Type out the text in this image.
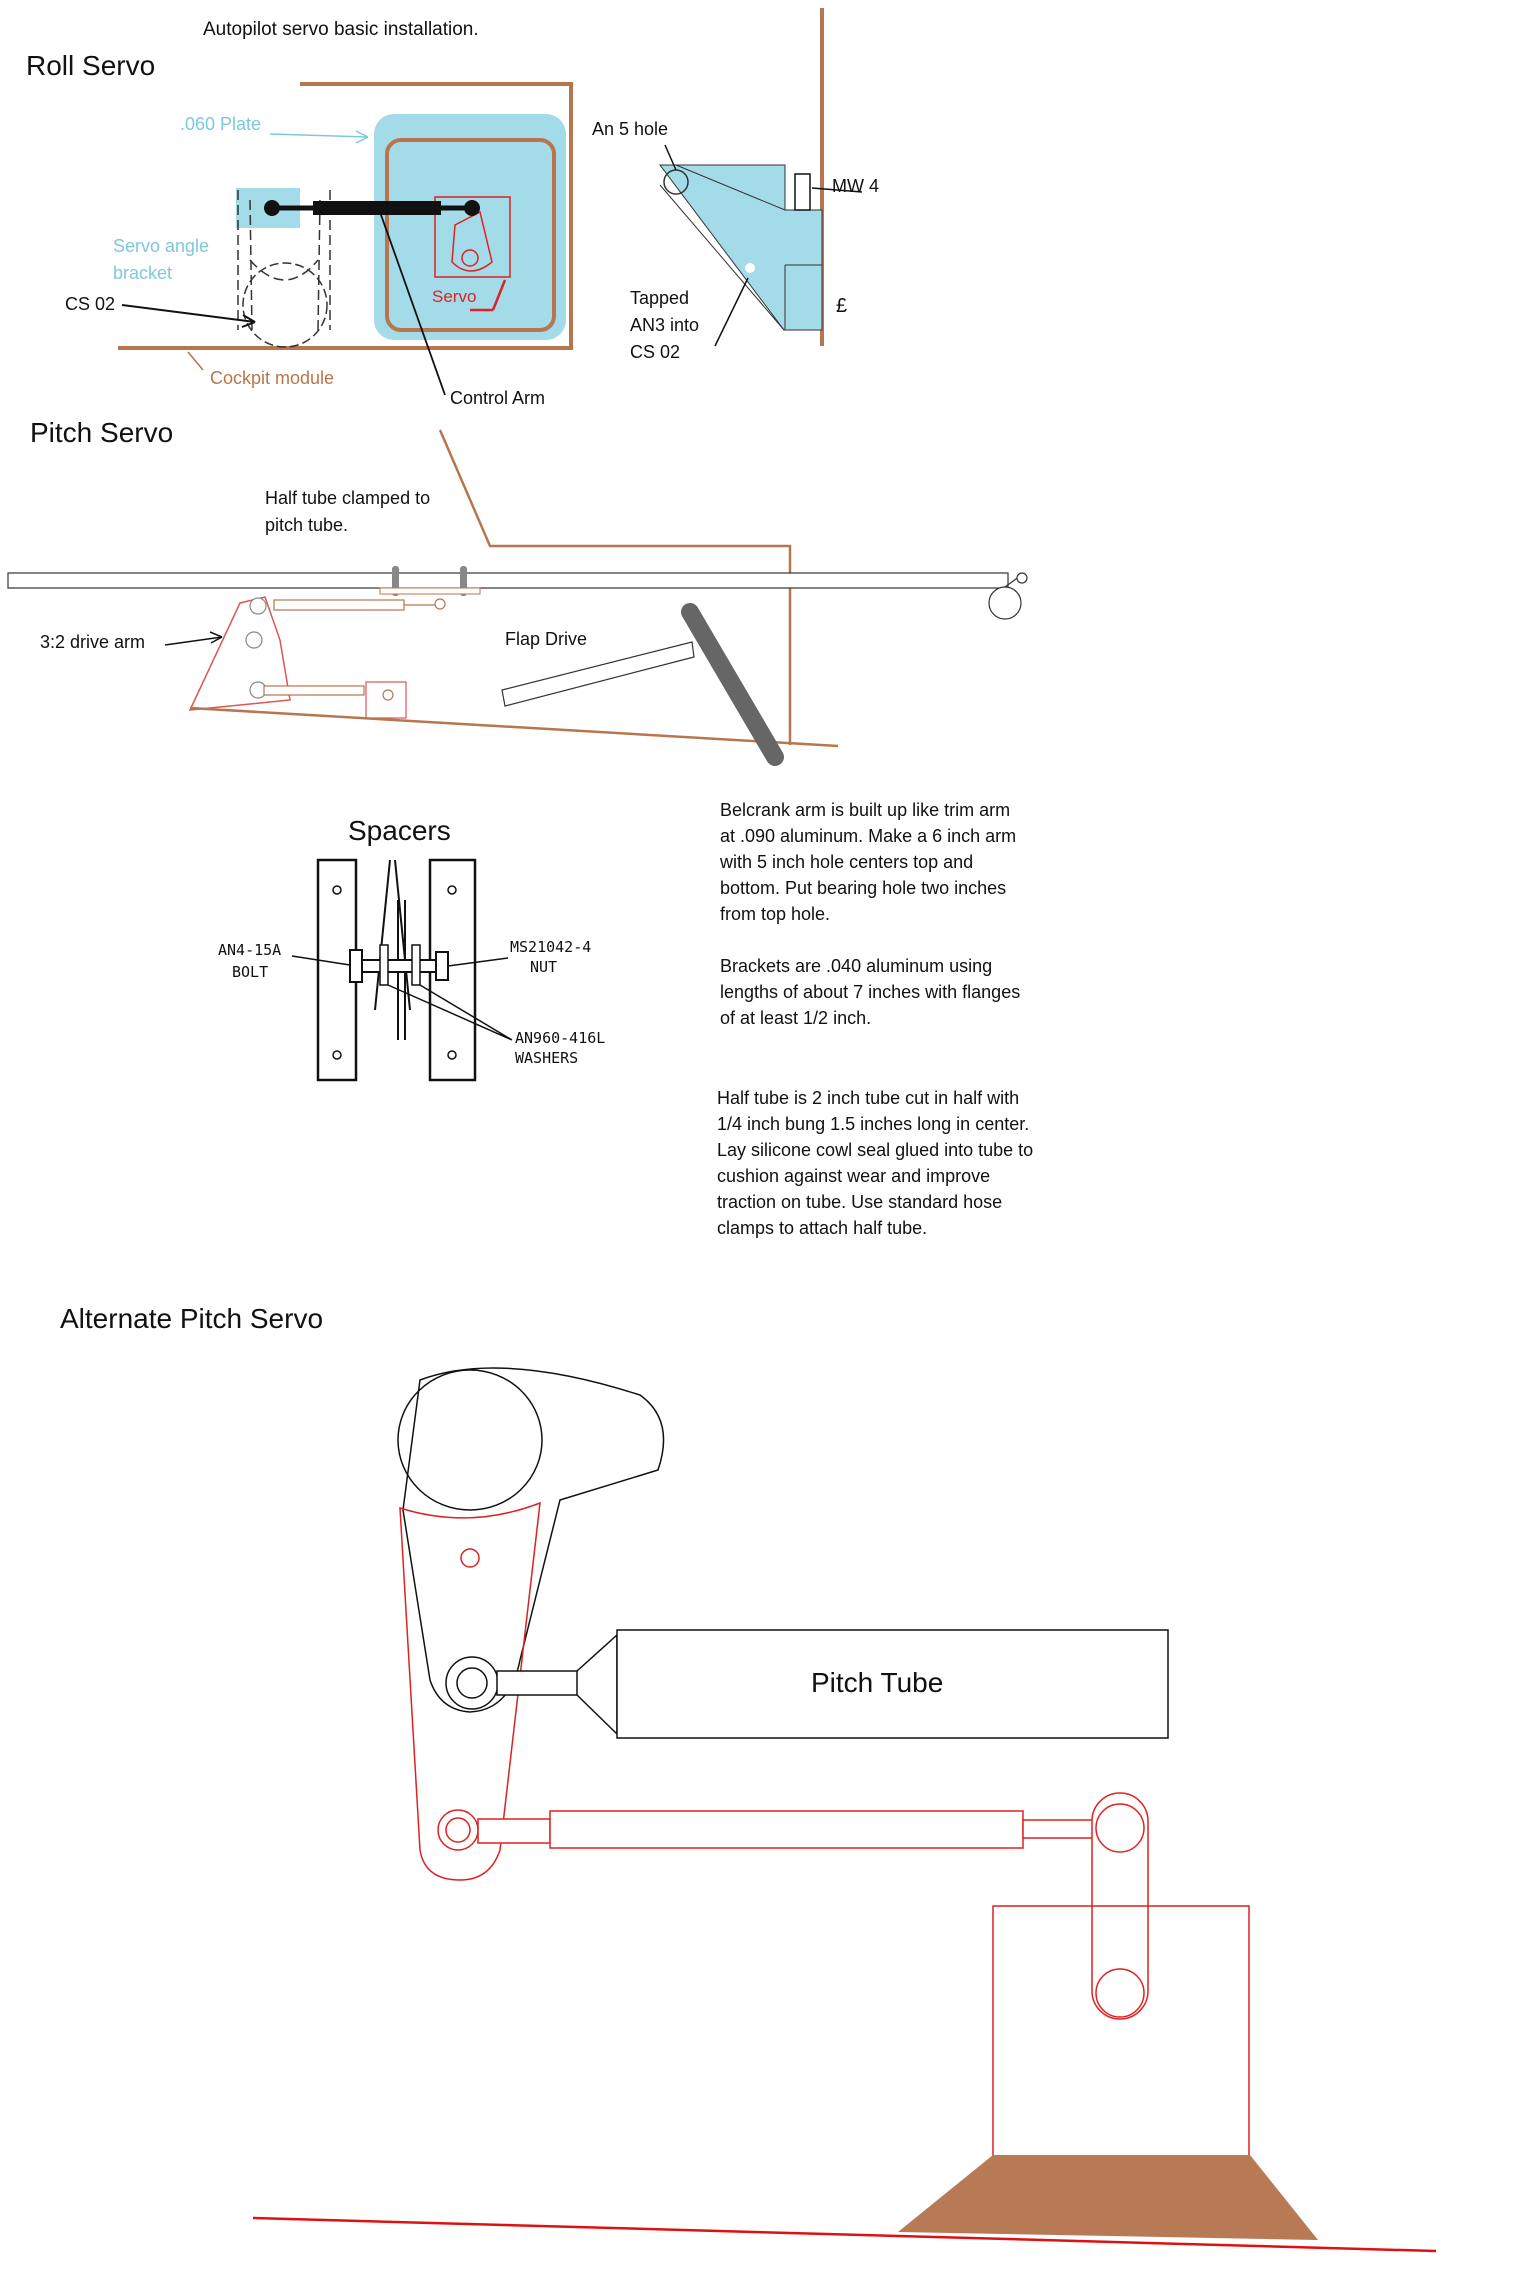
Autopilot servo basic installation.
Roll Servo
.060 Plate
Servo angle
bracket
CS 02	Servo
Cockpit module
Control Arm
An 5 hole
MW 4
Tapped
AN3 into
CS 02
£
Pitch Servo
Half tube clamped to
pitch tube.
3:2 drive arm	Flap Drive
Spacers
AN4-15A
BOLT
MS21042-4
NUT
AN960-416L
WASHERS
Belcrank arm is built up like trim arm
at .090 aluminum. Make a 6 inch arm
with 5 inch hole centers top and
bottom. Put bearing hole two inches
from top hole.
Brackets are .040 aluminum using
lengths of about 7 inches with flanges
of at least 1/2 inch.
Half tube is 2 inch tube cut in half with
1/4 inch bung 1.5 inches long in center.
Lay silicone cowl seal glued into tube to
cushion against wear and improve
traction on tube. Use standard hose
clamps to attach half tube.
Alternate Pitch Servo
Pitch Tube
